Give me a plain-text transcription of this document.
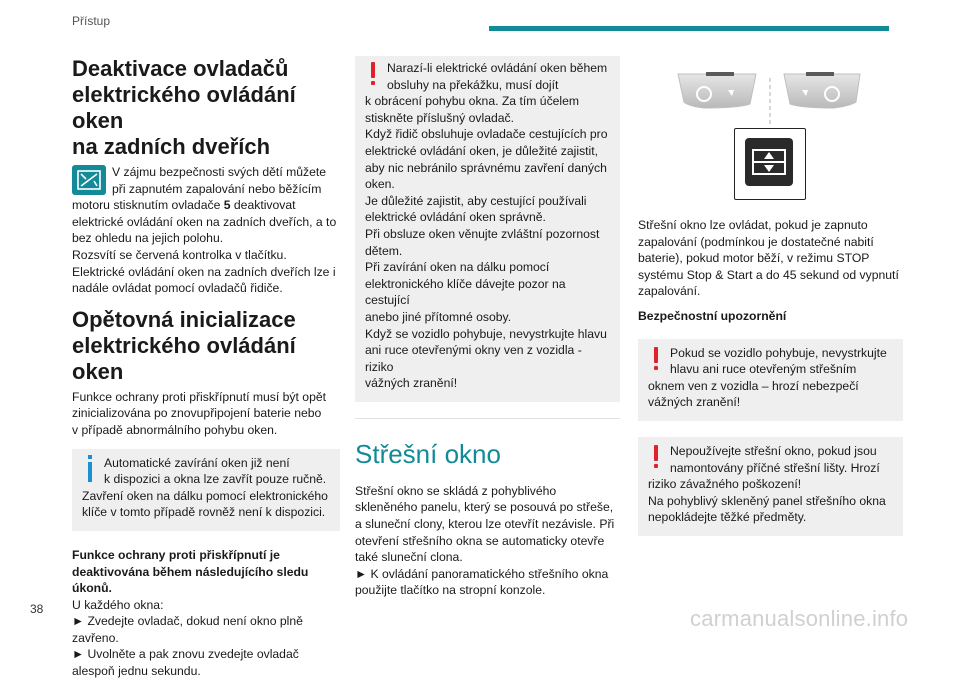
Přístup
Deaktivace ovladačů
elektrického ovládání oken
na zadních dveřích

V zájmu bezpečnosti svých dětí můžete
při zapnutém zapalování nebo běžícím
motoru stisknutím ovladače 5 deaktivovat
elektrické ovládání oken na zadních dveřích, a to
bez ohledu na jejich polohu.
Rozsvítí se červená kontrolka v tlačítku.
Elektrické ovládání oken na zadních dveřích lze i
nadále ovládat pomocí ovladačů řidiče.

Opětovná inicializace
elektrického ovládání oken

Funkce ochrany proti přiskřípnutí musí být opět
zinicializována po znovupřipojení baterie nebo
v případě abnormálního pohybu oken.

Automatické zavírání oken již není
k dispozici a okna lze zavřít pouze ručně.
Zavření oken na dálku pomocí elektronického
klíče v tomto případě rovněž není k dispozici.

Funkce ochrany proti přiskřípnutí je
deaktivována během následujícího sledu
úkonů.
U každého okna:
► Zvedejte ovladač, dokud není okno plně
zavřeno.
► Uvolněte a pak znovu zvedejte ovladač
alespoň jednu sekundu.

Narazí-li elektrické ovládání oken během
obsluhy na překážku, musí dojít
k obrácení pohybu okna. Za tím účelem
stiskněte příslušný ovladač.
Když řidič obsluhuje ovladače cestujících pro
elektrické ovládání oken, je důležité zajistit,
aby nic nebránilo správnému zavření daných
oken.
Je důležité zajistit, aby cestující používali
elektrické ovládání oken správně.
Při obsluze oken věnujte zvláštní pozornost
dětem.
Při zavírání oken na dálku pomocí
elektronického klíče dávejte pozor na cestující
anebo jiné přítomné osoby.
Když se vozidlo pohybuje, nevystrkujte hlavu
ani ruce otevřenými okny ven z vozidla - riziko
vážných zranění!
Střešní okno

Střešní okno se skládá z pohyblivého
skleněného panelu, který se posouvá po střeše,
a sluneční clony, kterou lze otevřít nezávisle. Při
otevření střešního okna se automaticky otevře
také sluneční clona.
► K ovládání panoramatického střešního okna
použijte tlačítko na stropní konzole.

Střešní okno lze ovládat, pokud je zapnuto
zapalování (podmínkou je dostatečné nabití
baterie), pokud motor běží, v režimu STOP
systému Stop & Start a do 45 sekund od vypnutí
zapalování.

Bezpečnostní upozornění

Pokud se vozidlo pohybuje, nevystrkujte
hlavu ani ruce otevřeným střešním
oknem ven z vozidla – hrozí nebezpečí
vážných zranění!
Nepoužívejte střešní okno, pokud jsou
namontovány příčné střešní lišty. Hrozí
riziko závažného poškození!
Na pohyblivý skleněný panel střešního okna
nepokládejte těžké předměty.
38	carmanualsonline.info
